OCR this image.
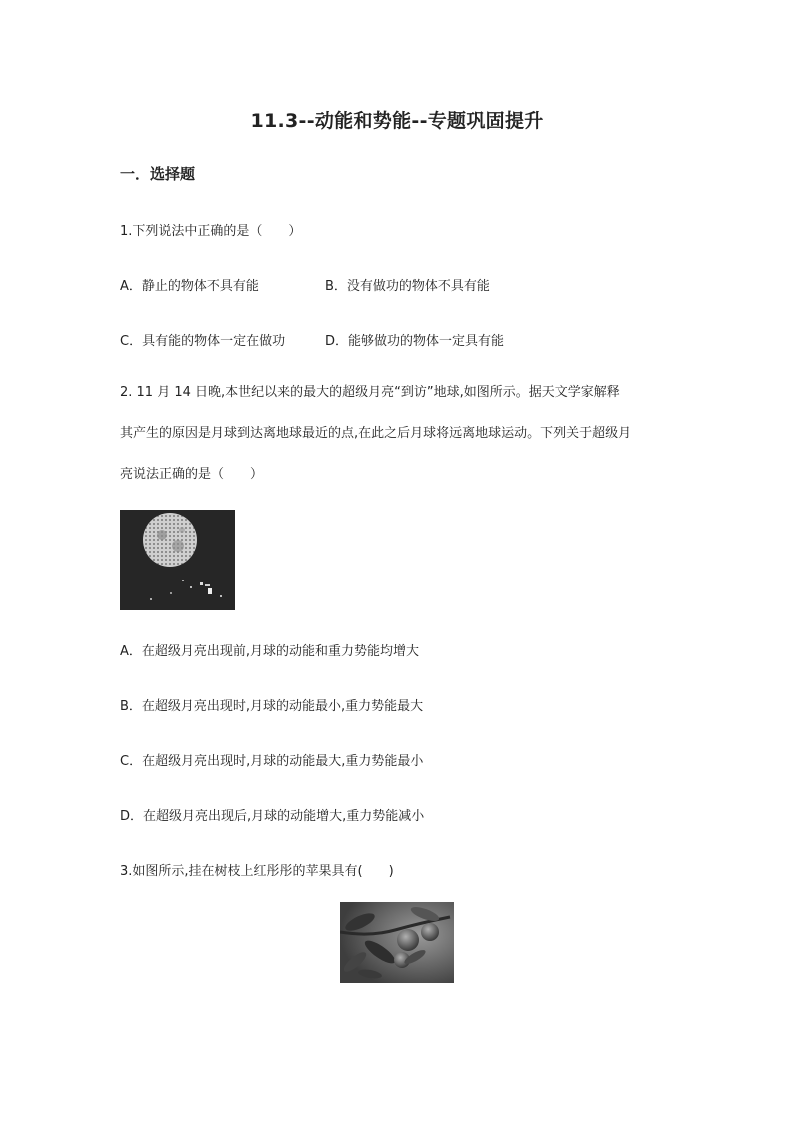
11.3--动能和势能--专题巩固提升
一．选择题
1.下列说法中正确的是（　　）
A．静止的物体不具有能	B．没有做功的物体不具有能
C．具有能的物体一定在做功	D．能够做功的物体一定具有能
2. 11 月 14 日晚,本世纪以来的最大的超级月亮“到访”地球,如图所示。据天文学家解释
其产生的原因是月球到达离地球最近的点,在此之后月球将远离地球运动。下列关于超级月
亮说法正确的是（　　）
A．在超级月亮出现前,月球的动能和重力势能均增大
B．在超级月亮出现时,月球的动能最小,重力势能最大
C．在超级月亮出现时,月球的动能最大,重力势能最小
D．在超级月亮出现后,月球的动能增大,重力势能减小
3.如图所示,挂在树枝上红彤彤的苹果具有(　　)
